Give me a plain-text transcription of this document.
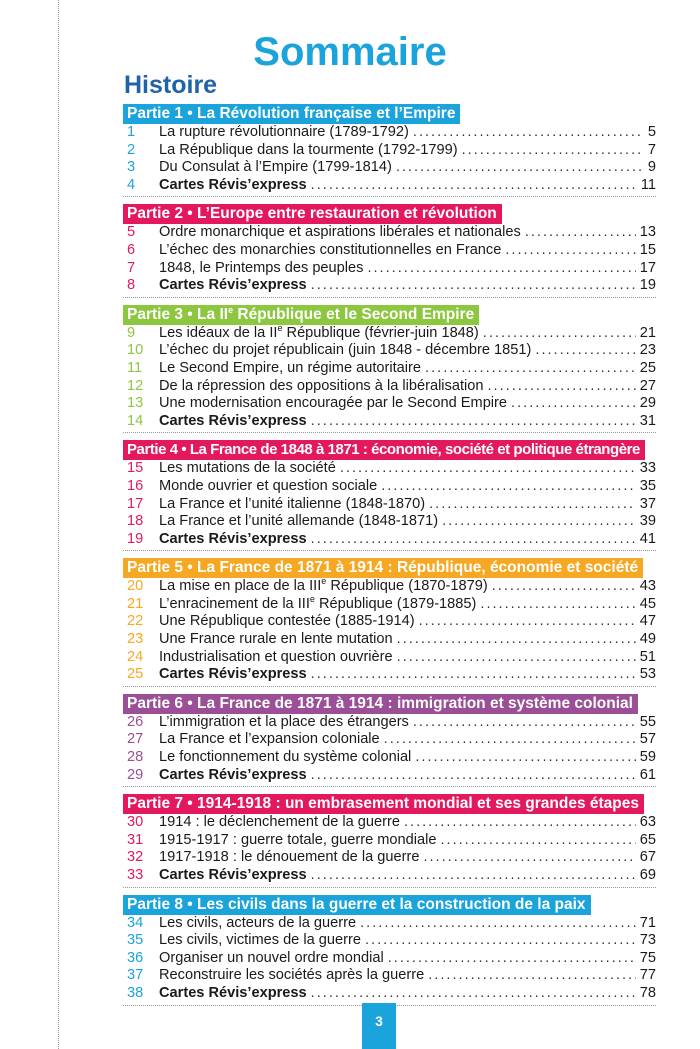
Sommaire
Histoire
Partie 1 • La Révolution française et l’Empire
1	La rupture révolutionnaire (1789-1792) .....	5
2	La République dans la tourmente (1792-1799) .....	7
3	Du Consulat à l’Empire (1799-1814) .....	9
4	Cartes Révis’express .....	11
Partie 2 • L’Europe entre restauration et révolution
5	Ordre monarchique et aspirations libérales et nationales .....	13
6	L’échec des monarchies constitutionnelles en France .....	15
7	1848, le Printemps des peuples .....	17
8	Cartes Révis’express .....	19
Partie 3 • La IIe République et le Second Empire
9	Les idéaux de la IIe République (février-juin 1848) .....	21
10	L’échec du projet républicain (juin 1848 - décembre 1851) .....	23
11	Le Second Empire, un régime autoritaire .....	25
12	De la répression des oppositions à la libéralisation .....	27
13	Une modernisation encouragée par le Second Empire .....	29
14	Cartes Révis’express .....	31
Partie 4 • La France de 1848 à 1871 : économie, société et politique étrangère
15	Les mutations de la société .....	33
16	Monde ouvrier et question sociale .....	35
17	La France et l’unité italienne (1848-1870) .....	37
18	La France et l’unité allemande (1848-1871) .....	39
19	Cartes Révis’express .....	41
Partie 5 • La France de 1871 à 1914 : République, économie et société
20	La mise en place de la IIIe République (1870-1879) .....	43
21	L’enracinement de la IIIe République (1879-1885) .....	45
22	Une République contestée (1885-1914) .....	47
23	Une France rurale en lente mutation .....	49
24	Industrialisation et question ouvrière .....	51
25	Cartes Révis’express .....	53
Partie 6 • La France de 1871 à 1914 : immigration et système colonial
26	L’immigration et la place des étrangers .....	55
27	La France et l’expansion coloniale .....	57
28	Le fonctionnement du système colonial .....	59
29	Cartes Révis’express .....	61
Partie 7 • 1914-1918 : un embrasement mondial et ses grandes étapes
30	1914 : le déclenchement de la guerre .....	63
31	1915-1917 : guerre totale, guerre mondiale .....	65
32	1917-1918 : le dénouement de la guerre .....	67
33	Cartes Révis’express .....	69
Partie 8 • Les civils dans la guerre et la construction de la paix
34	Les civils, acteurs de la guerre .....	71
35	Les civils, victimes de la guerre .....	73
36	Organiser un nouvel ordre mondial .....	75
37	Reconstruire les sociétés après la guerre .....	77
38	Cartes Révis’express .....	78
3
